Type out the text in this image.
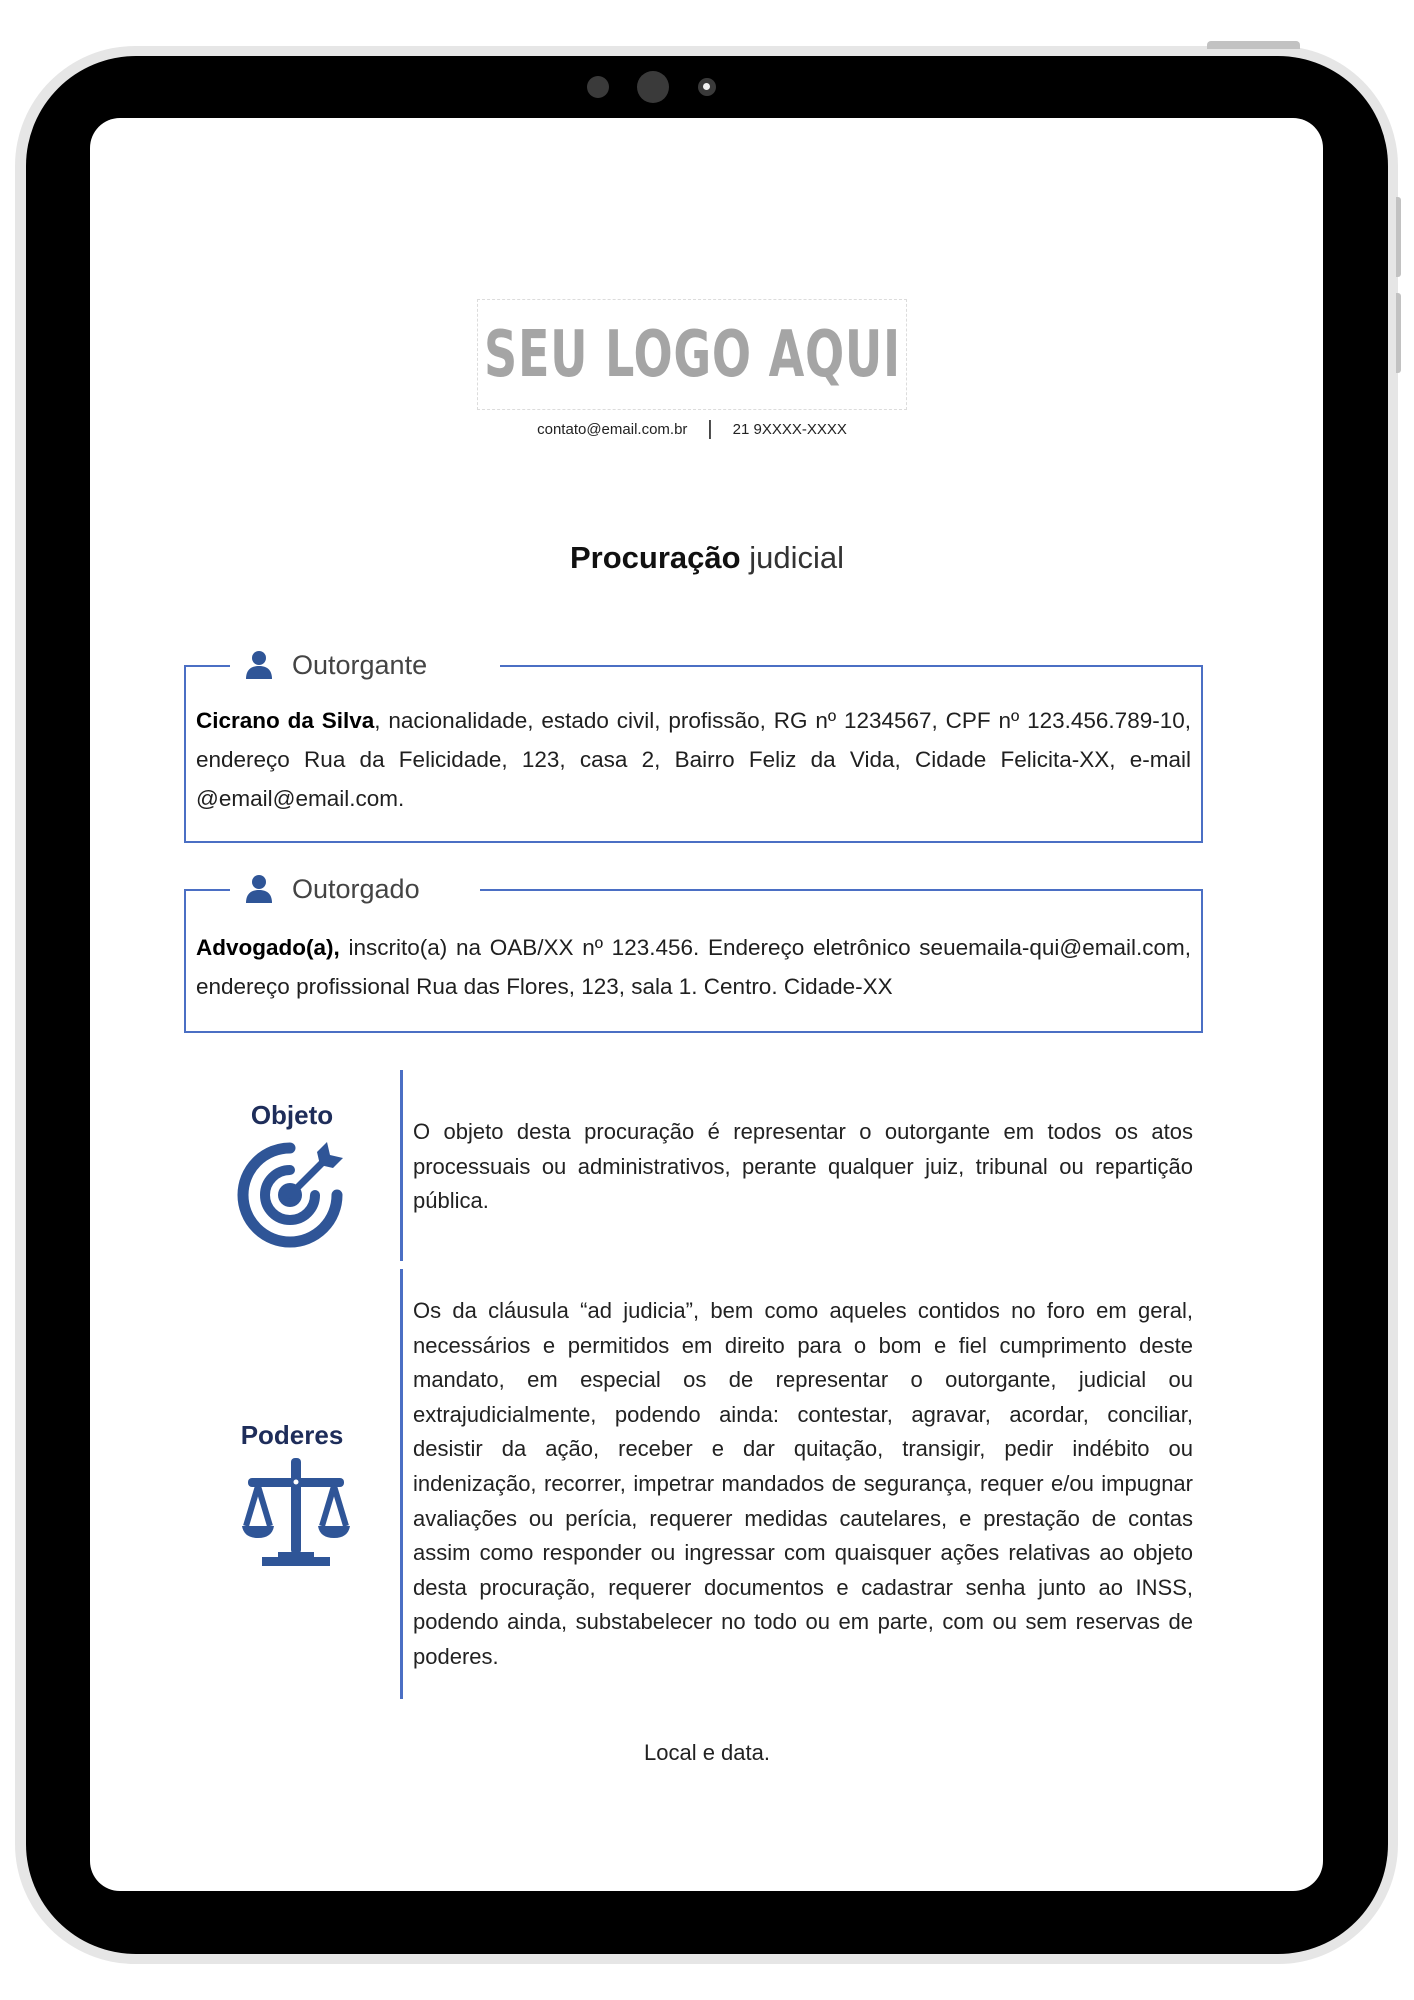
SEU LOGO AQUI
contato@email.com.br | 21 9XXXX-XXXX
Procuração judicial
Outorgante
Cicrano da Silva, nacionalidade, estado civil, profissão, RG nº 1234567, CPF nº 123.456.789-10, endereço Rua da Felicidade, 123, casa 2, Bairro Feliz da Vida, Cidade Felicita-XX, e-mail @email@email.com.
Outorgado
Advogado(a), inscrito(a) na OAB/XX nº 123.456. Endereço eletrônico seuemaila-qui@email.com, endereço profissional Rua das Flores, 123, sala 1. Centro. Cidade-XX
Objeto
O objeto desta procuração é representar o outorgante em todos os atos processuais ou administrativos, perante qualquer juiz, tribunal ou repartição pública.
Poderes
Os da cláusula “ad judicia”, bem como aqueles contidos no foro em geral, necessários e permitidos em direito para o bom e fiel cumprimento deste mandato, em especial os de representar o outorgante, judicial ou extrajudicialmente, podendo ainda: contestar, agravar, acordar, conciliar, desistir da ação, receber e dar quitação, transigir, pedir indébito ou indenização, recorrer, impetrar mandados de segurança, requer e/ou impugnar avaliações ou perícia, requerer medidas cautelares, e prestação de contas assim como responder ou ingressar com quaisquer ações relativas ao objeto desta procuração, requerer documentos e cadastrar senha junto ao INSS, podendo ainda, substabelecer no todo ou em parte, com ou sem reservas de poderes.
Local e data.
